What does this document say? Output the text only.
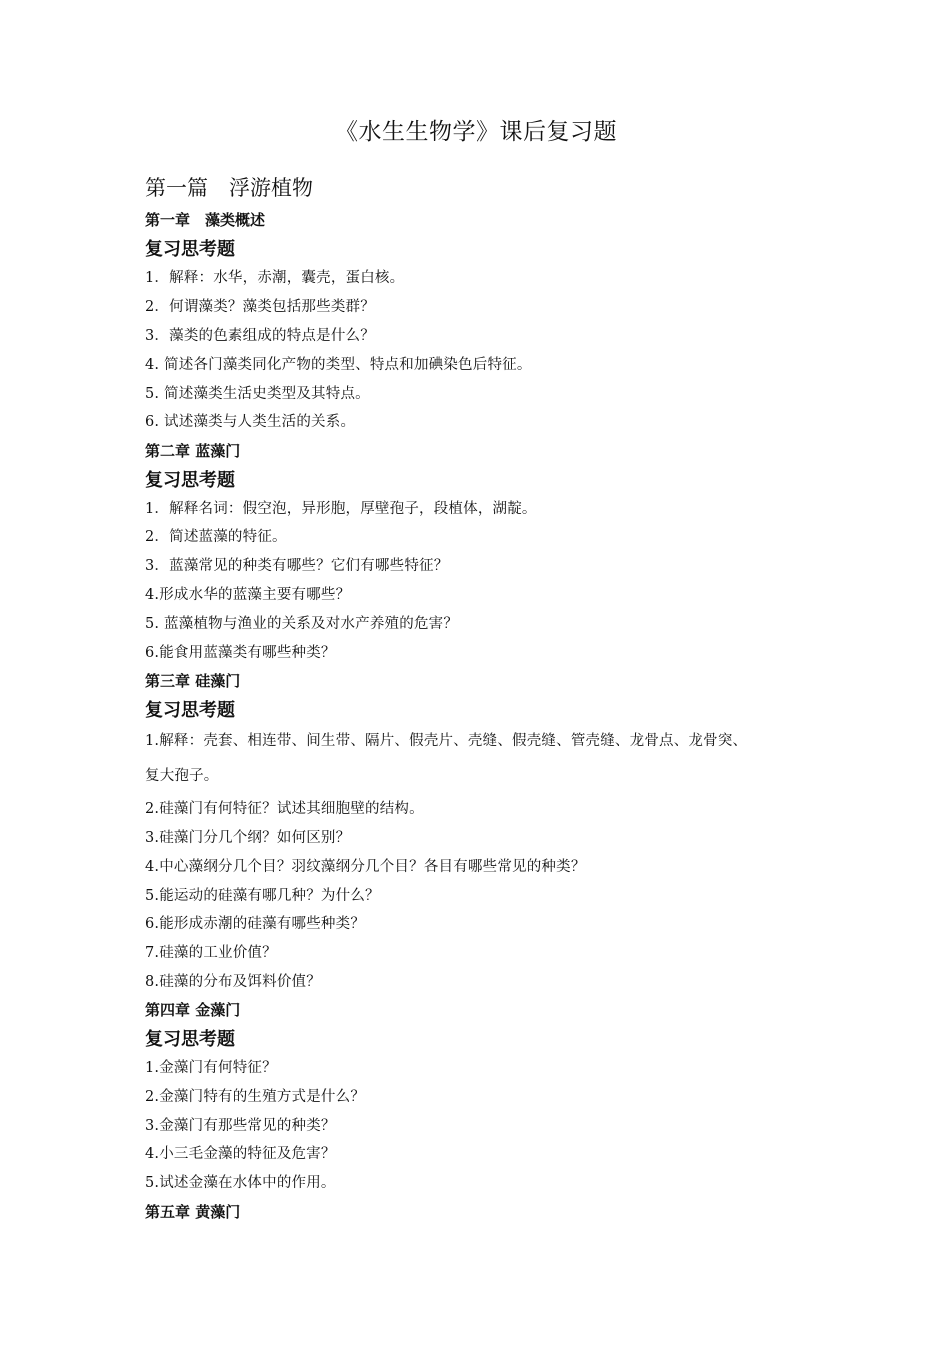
《水生生物学》课后复习题
第一篇　浮游植物
第一章　藻类概述
复习思考题
1．解释：水华，赤潮，囊壳，蛋白核。
2．何谓藻类？藻类包括那些类群？
3．藻类的色素组成的特点是什么？
4. 简述各门藻类同化产物的类型、特点和加碘染色后特征。
5. 简述藻类生活史类型及其特点。
6. 试述藻类与人类生活的关系。
第二章 蓝藻门
复习思考题
1．解释名词：假空泡，异形胞，厚壁孢子，段植体，湖靛。
2．简述蓝藻的特征。
3．蓝藻常见的种类有哪些？它们有哪些特征？
4.形成水华的蓝藻主要有哪些？
5. 蓝藻植物与渔业的关系及对水产养殖的危害？
6.能食用蓝藻类有哪些种类？
第三章 硅藻门
复习思考题
1.解释：壳套、相连带、间生带、隔片、假壳片、壳缝、假壳缝、管壳缝、龙骨点、龙骨突、
复大孢子。
2.硅藻门有何特征？试述其细胞壁的结构。
3.硅藻门分几个纲？如何区别？
4.中心藻纲分几个目？羽纹藻纲分几个目？各目有哪些常见的种类？
5.能运动的硅藻有哪几种？为什么？
6.能形成赤潮的硅藻有哪些种类？
7.硅藻的工业价值？
8.硅藻的分布及饵料价值？
第四章 金藻门
复习思考题
1.金藻门有何特征？
2.金藻门特有的生殖方式是什么？
3.金藻门有那些常见的种类？
4.小三毛金藻的特征及危害？
5.试述金藻在水体中的作用。
第五章 黄藻门
